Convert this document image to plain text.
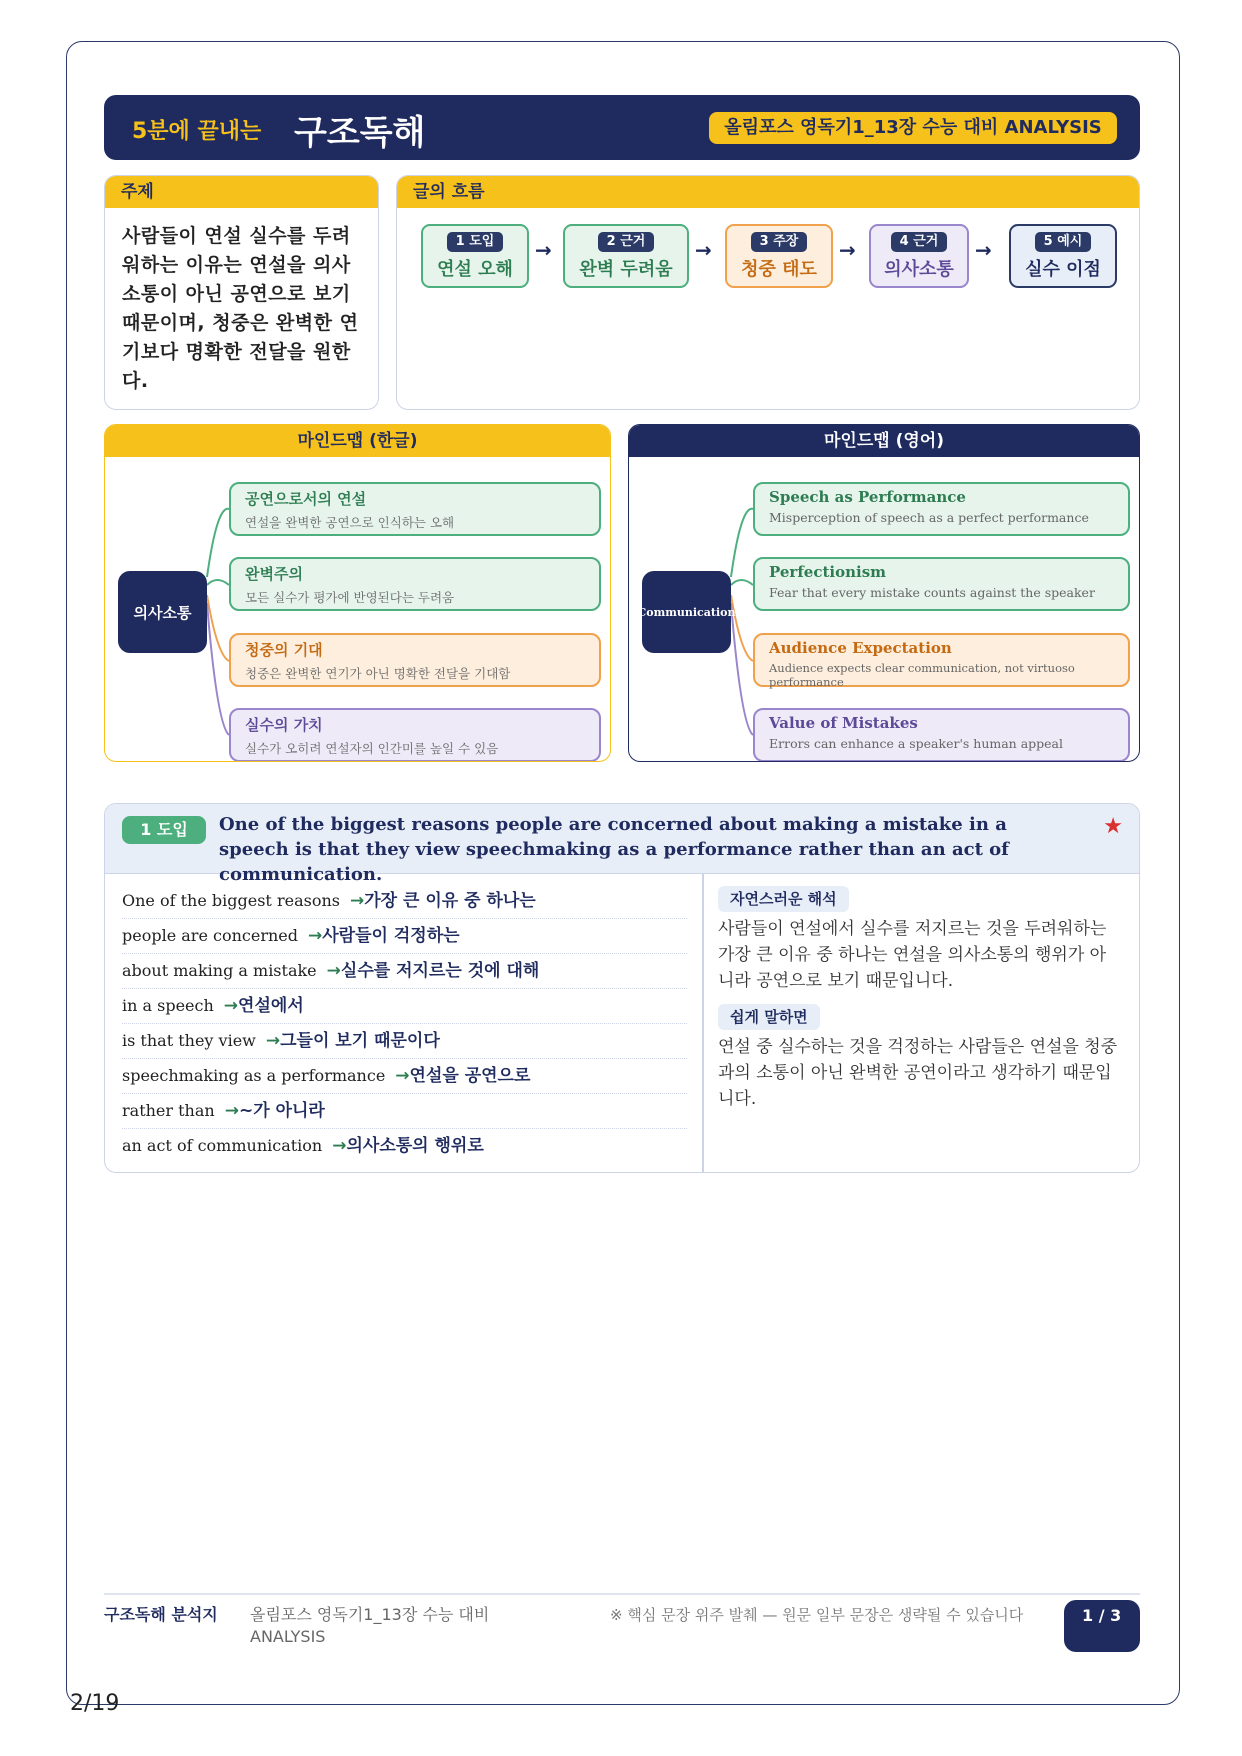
5분에 끝내는 구조독해	올림포스 영독기1_13장 수능 대비 ANALYSIS
주제
사람들이 연설 실수를 두려워하는 이유는 연설을 의사소통이 아닌 공연으로 보기 때문이며, 청중은 완벽한 연기보다 명확한 전달을 원한다.
글의 흐름
1 도입
연설 오해
→	2 근거
완벽 두려움
→	3 주장
청중 태도
→	4 근거
의사소통
→	5 예시
실수 이점
마인드맵 (한글)
의사소통
공연으로서의 연설
연설을 완벽한 공연으로 인식하는 오해
완벽주의
모든 실수가 평가에 반영된다는 두려움
청중의 기대
청중은 완벽한 연기가 아닌 명확한 전달을 기대함
실수의 가치
실수가 오히려 연설자의 인간미를 높일 수 있음
마인드맵 (영어)
Communication
Speech as Performance
Misperception of speech as a perfect performance
Perfectionism
Fear that every mistake counts against the speaker
Audience Expectation
Audience expects clear communication, not virtuoso performance
Value of Mistakes
Errors can enhance a speaker's human appeal
1 도입	One of the biggest reasons people are concerned about making a mistake in a speech is that they view speechmaking as a performance rather than an act of communication.
★
One of the biggest reasons →가장 큰 이유 중 하나는
people are concerned →사람들이 걱정하는
about making a mistake →실수를 저지르는 것에 대해
in a speech →연설에서
is that they view →그들이 보기 때문이다
speechmaking as a performance →연설을 공연으로
rather than →~가 아니라
an act of communication →의사소통의 행위로
자연스러운 해석
사람들이 연설에서 실수를 저지르는 것을 두려워하는 가장 큰 이유 중 하나는 연설을 의사소통의 행위가 아니라 공연으로 보기 때문입니다.
쉽게 말하면
연설 중 실수하는 것을 걱정하는 사람들은 연설을 청중과의 소통이 아닌 완벽한 공연이라고 생각하기 때문입니다.
구조독해 분석지 올림포스 영독기1_13장 수능 대비 ANALYSIS
※ 핵심 문장 위주 발췌 — 원문 일부 문장은 생략될 수 있습니다	1 / 3
2/19
